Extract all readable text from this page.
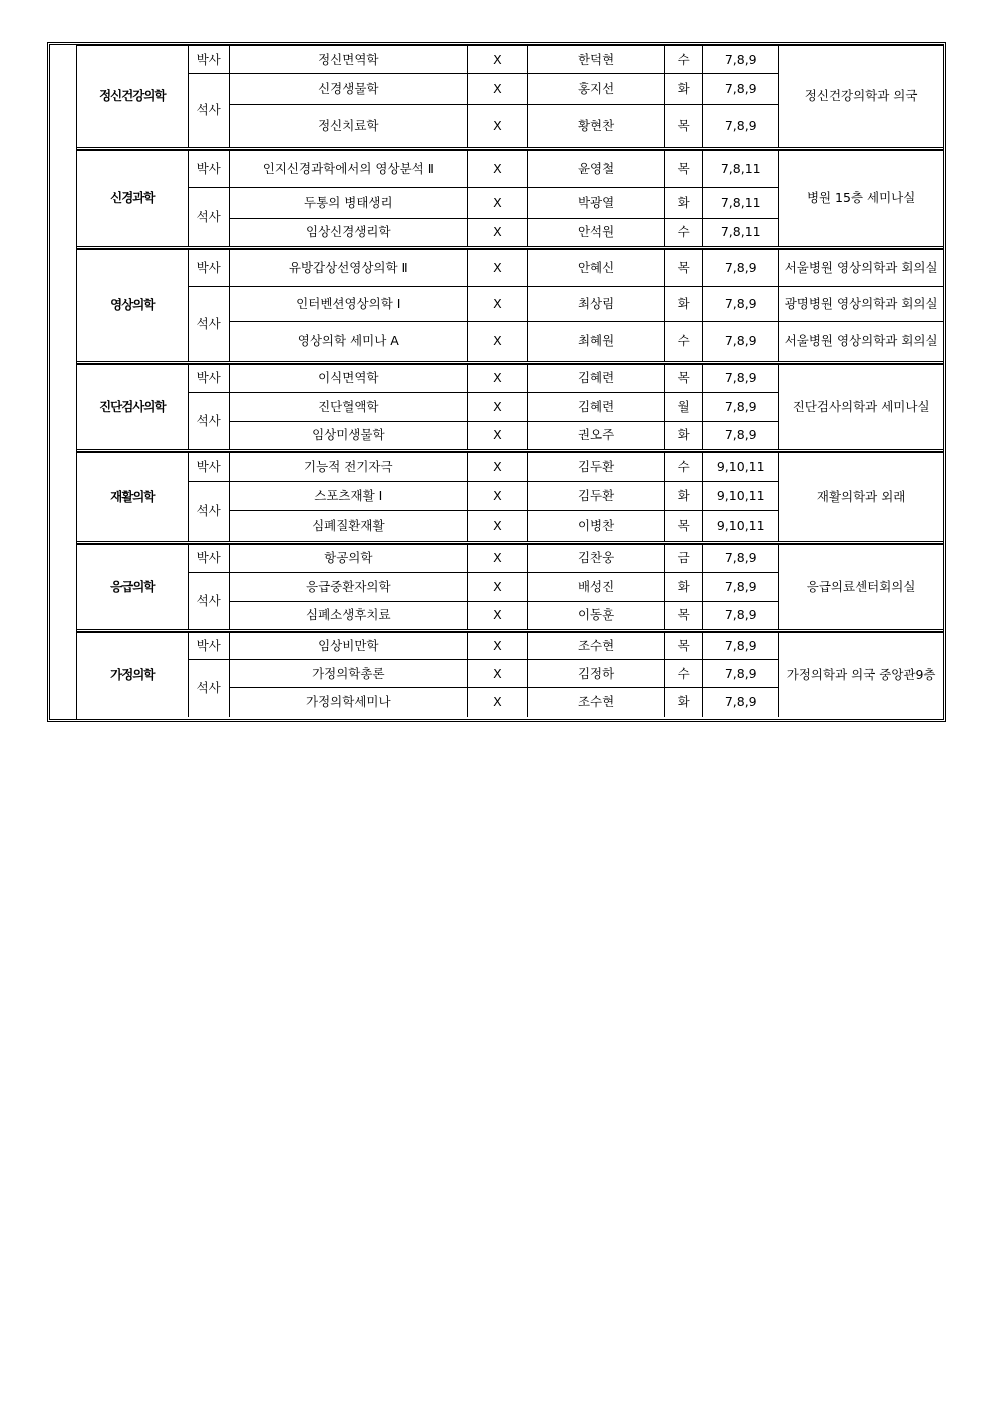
정신건강의학	박사	정신면역학	X	한덕현	수	7,8,9	정신건강의학과 의국
	석사	신경생물학	X	홍지선	화	7,8,9	
		정신치료학	X	황현찬	목	7,8,9	
신경과학	박사	인지신경과학에서의 영상분석 Ⅱ	X	윤영철	목	7,8,11	병원 15층 세미나실
	석사	두통의 병태생리	X	박광열	화	7,8,11	
		임상신경생리학	X	안석원	수	7,8,11	
영상의학	박사	유방갑상선영상의학 Ⅱ	X	안혜신	목	7,8,9	서울병원 영상의학과 회의실
	석사	인터벤션영상의학 Ⅰ	X	최상림	화	7,8,9	광명병원 영상의학과 회의실
		영상의학 세미나 A	X	최혜원	수	7,8,9	서울병원 영상의학과 회의실
진단검사의학	박사	이식면역학	X	김혜련	목	7,8,9	진단검사의학과 세미나실
	석사	진단혈액학	X	김혜련	월	7,8,9	
		임상미생물학	X	권오주	화	7,8,9	
재활의학	박사	기능적 전기자극	X	김두환	수	9,10,11	재활의학과 외래
	석사	스포츠재활 Ⅰ	X	김두환	화	9,10,11	
		심폐질환재활	X	이병찬	목	9,10,11	
응급의학	박사	항공의학	X	김찬웅	금	7,8,9	응급의료센터회의실
	석사	응급중환자의학	X	배성진	화	7,8,9	
		심폐소생후치료	X	이동훈	목	7,8,9	
가정의학	박사	임상비만학	X	조수현	목	7,8,9	가정의학과 의국 중앙관9층
	석사	가정의학총론	X	김정하	수	7,8,9	
		가정의학세미나	X	조수현	화	7,8,9	
